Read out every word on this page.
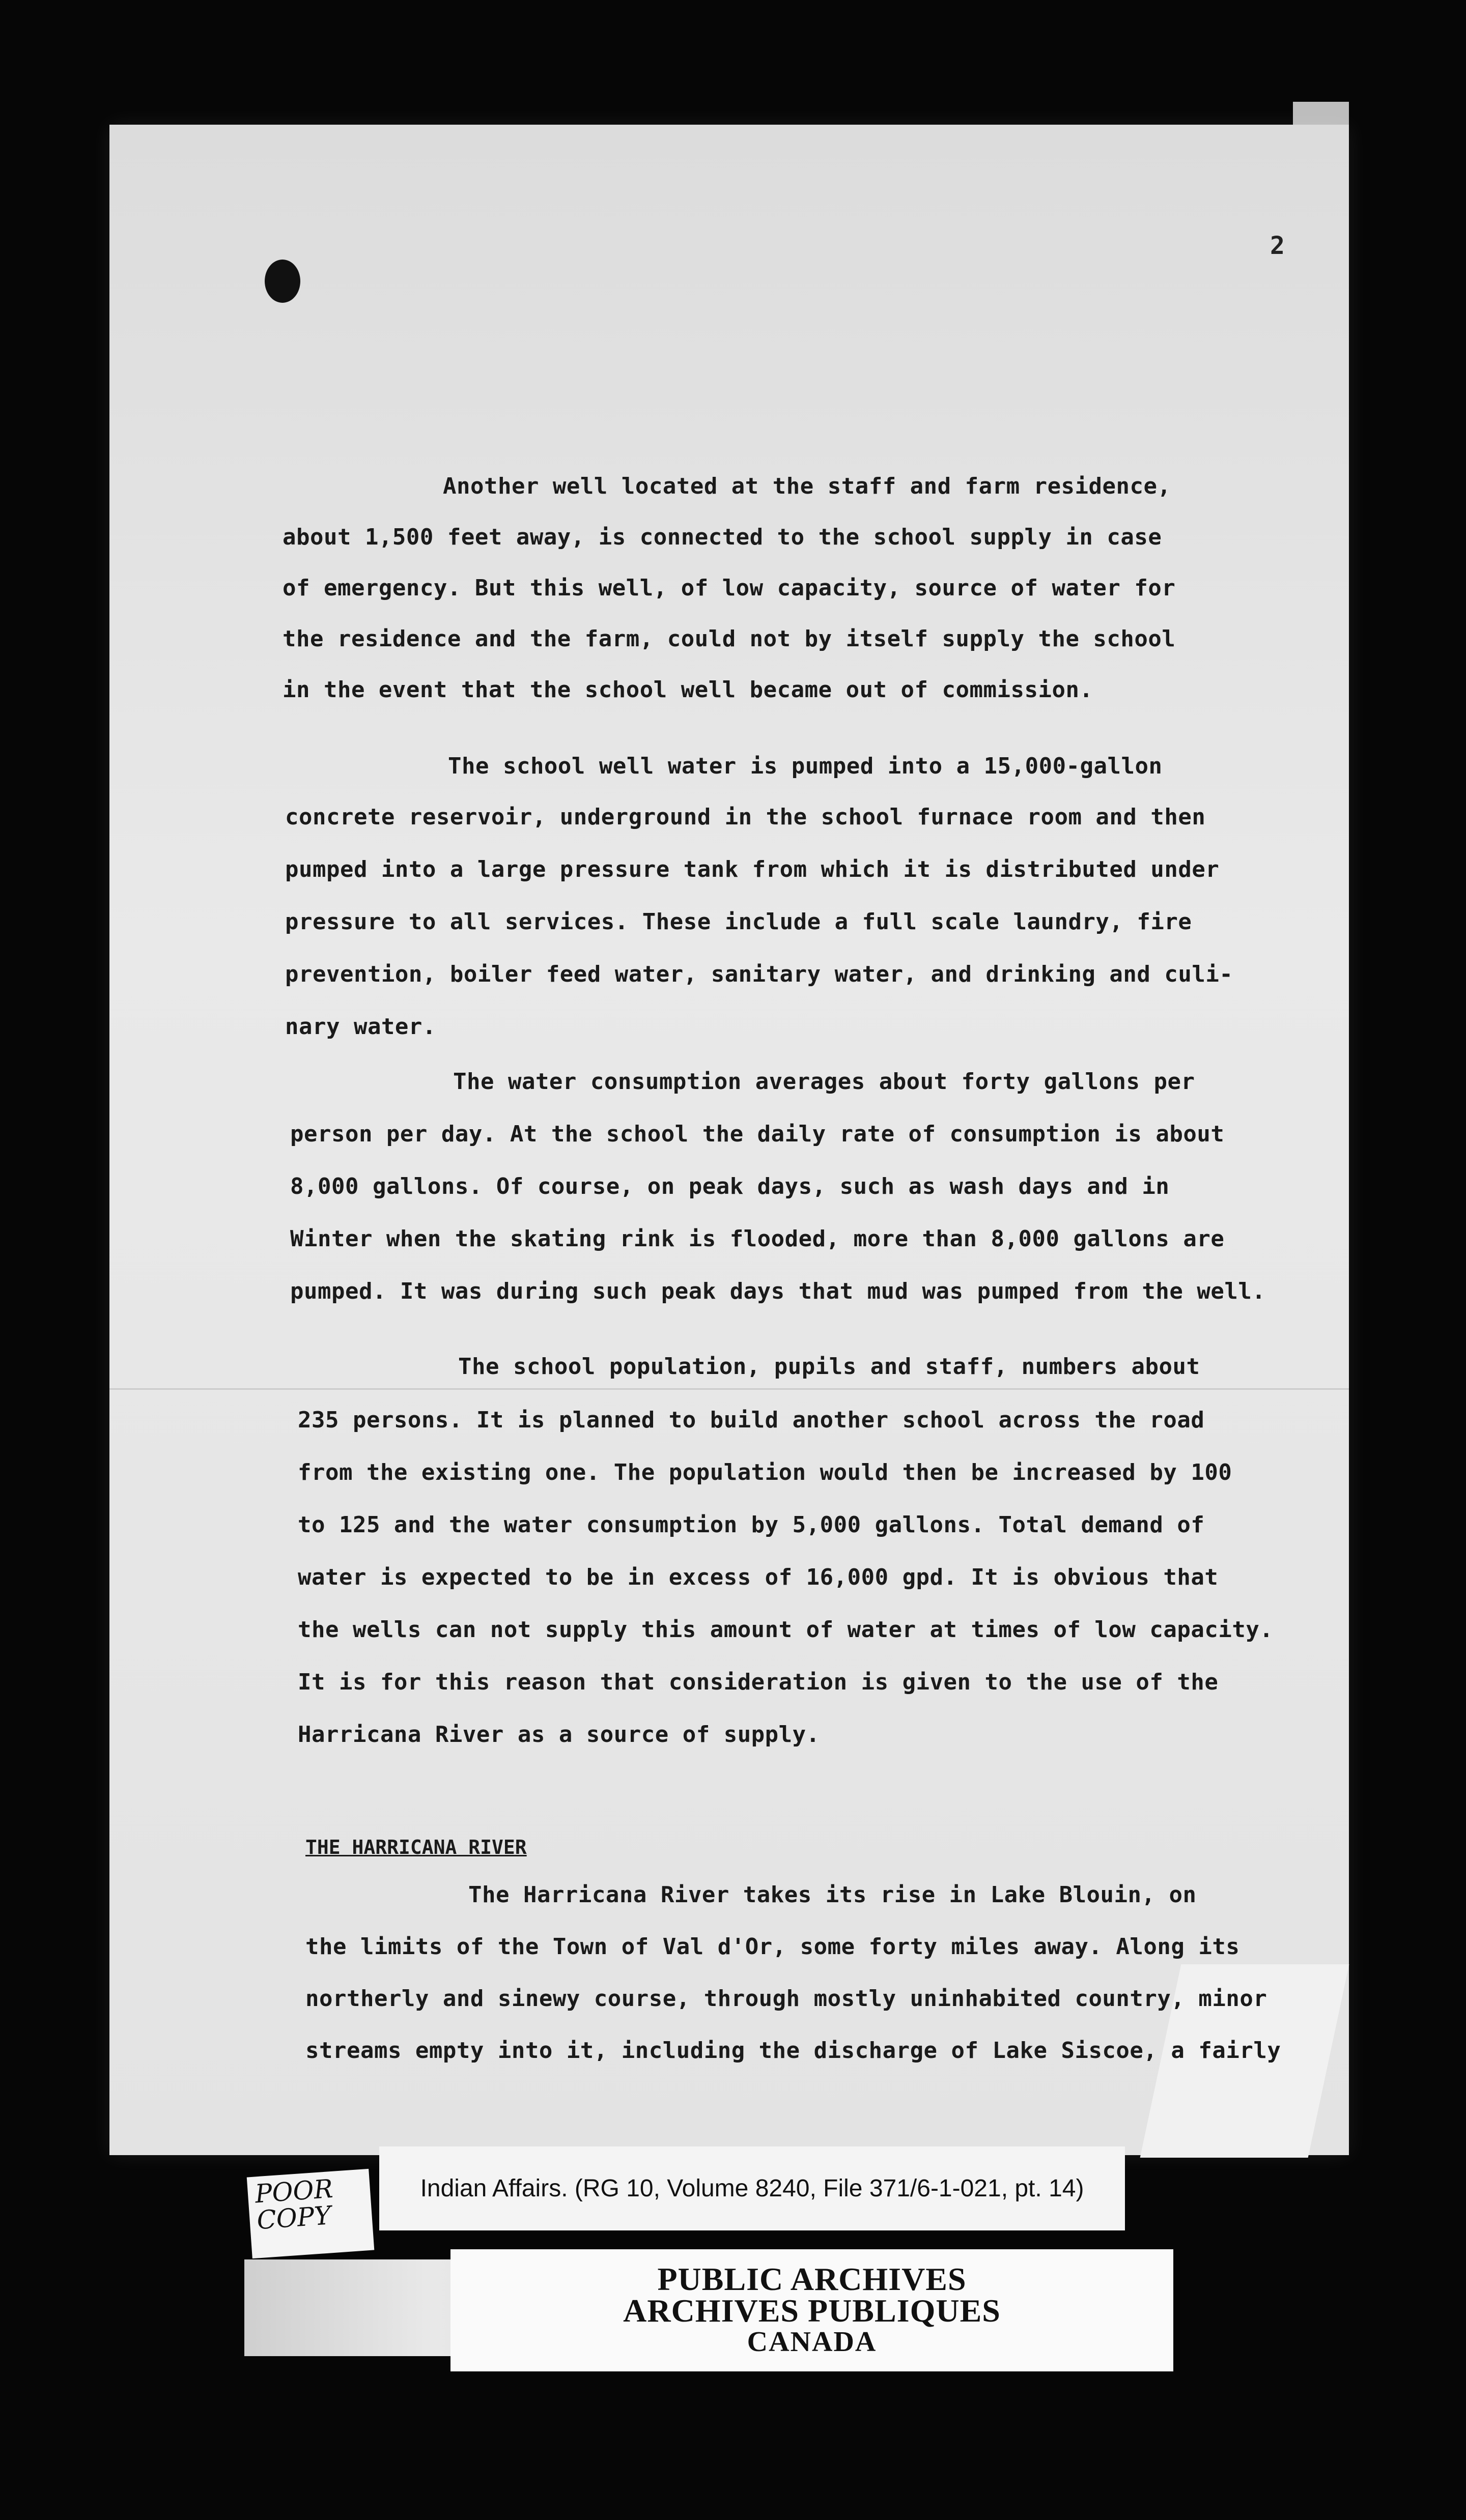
2
Another well located at the staff and farm residence,
about 1,500 feet away, is connected to the school supply in case
of emergency. But this well, of low capacity, source of water for
the residence and the farm, could not by itself supply the school
in the event that the school well became out of commission.
The school well water is pumped into a 15,000-gallon
concrete reservoir, underground in the school furnace room and then
pumped into a large pressure tank from which it is distributed under
pressure to all services. These include a full scale laundry, fire
prevention, boiler feed water, sanitary water, and drinking and culi-
nary water.
The water consumption averages about forty gallons per
person per day. At the school the daily rate of consumption is about
8,000 gallons. Of course, on peak days, such as wash days and in
Winter when the skating rink is flooded, more than 8,000 gallons are
pumped. It was during such peak days that mud was pumped from the well.
The school population, pupils and staff, numbers about
235 persons. It is planned to build another school across the road
from the existing one. The population would then be increased by 100
to 125 and the water consumption by 5,000 gallons. Total demand of
water is expected to be in excess of 16,000 gpd. It is obvious that
the wells can not supply this amount of water at times of low capacity.
It is for this reason that consideration is given to the use of the
Harricana River as a source of supply.
THE HARRICANA RIVER
The Harricana River takes its rise in Lake Blouin, on
the limits of the Town of Val d'Or, some forty miles away. Along its
northerly and sinewy course, through mostly uninhabited country, minor
streams empty into it, including the discharge of Lake Siscoe, a fairly
POOR COPY
Indian Affairs. (RG 10, Volume 8240, File 371/6-1-021, pt. 14)
PUBLIC ARCHIVES
ARCHIVES PUBLIQUES
CANADA
